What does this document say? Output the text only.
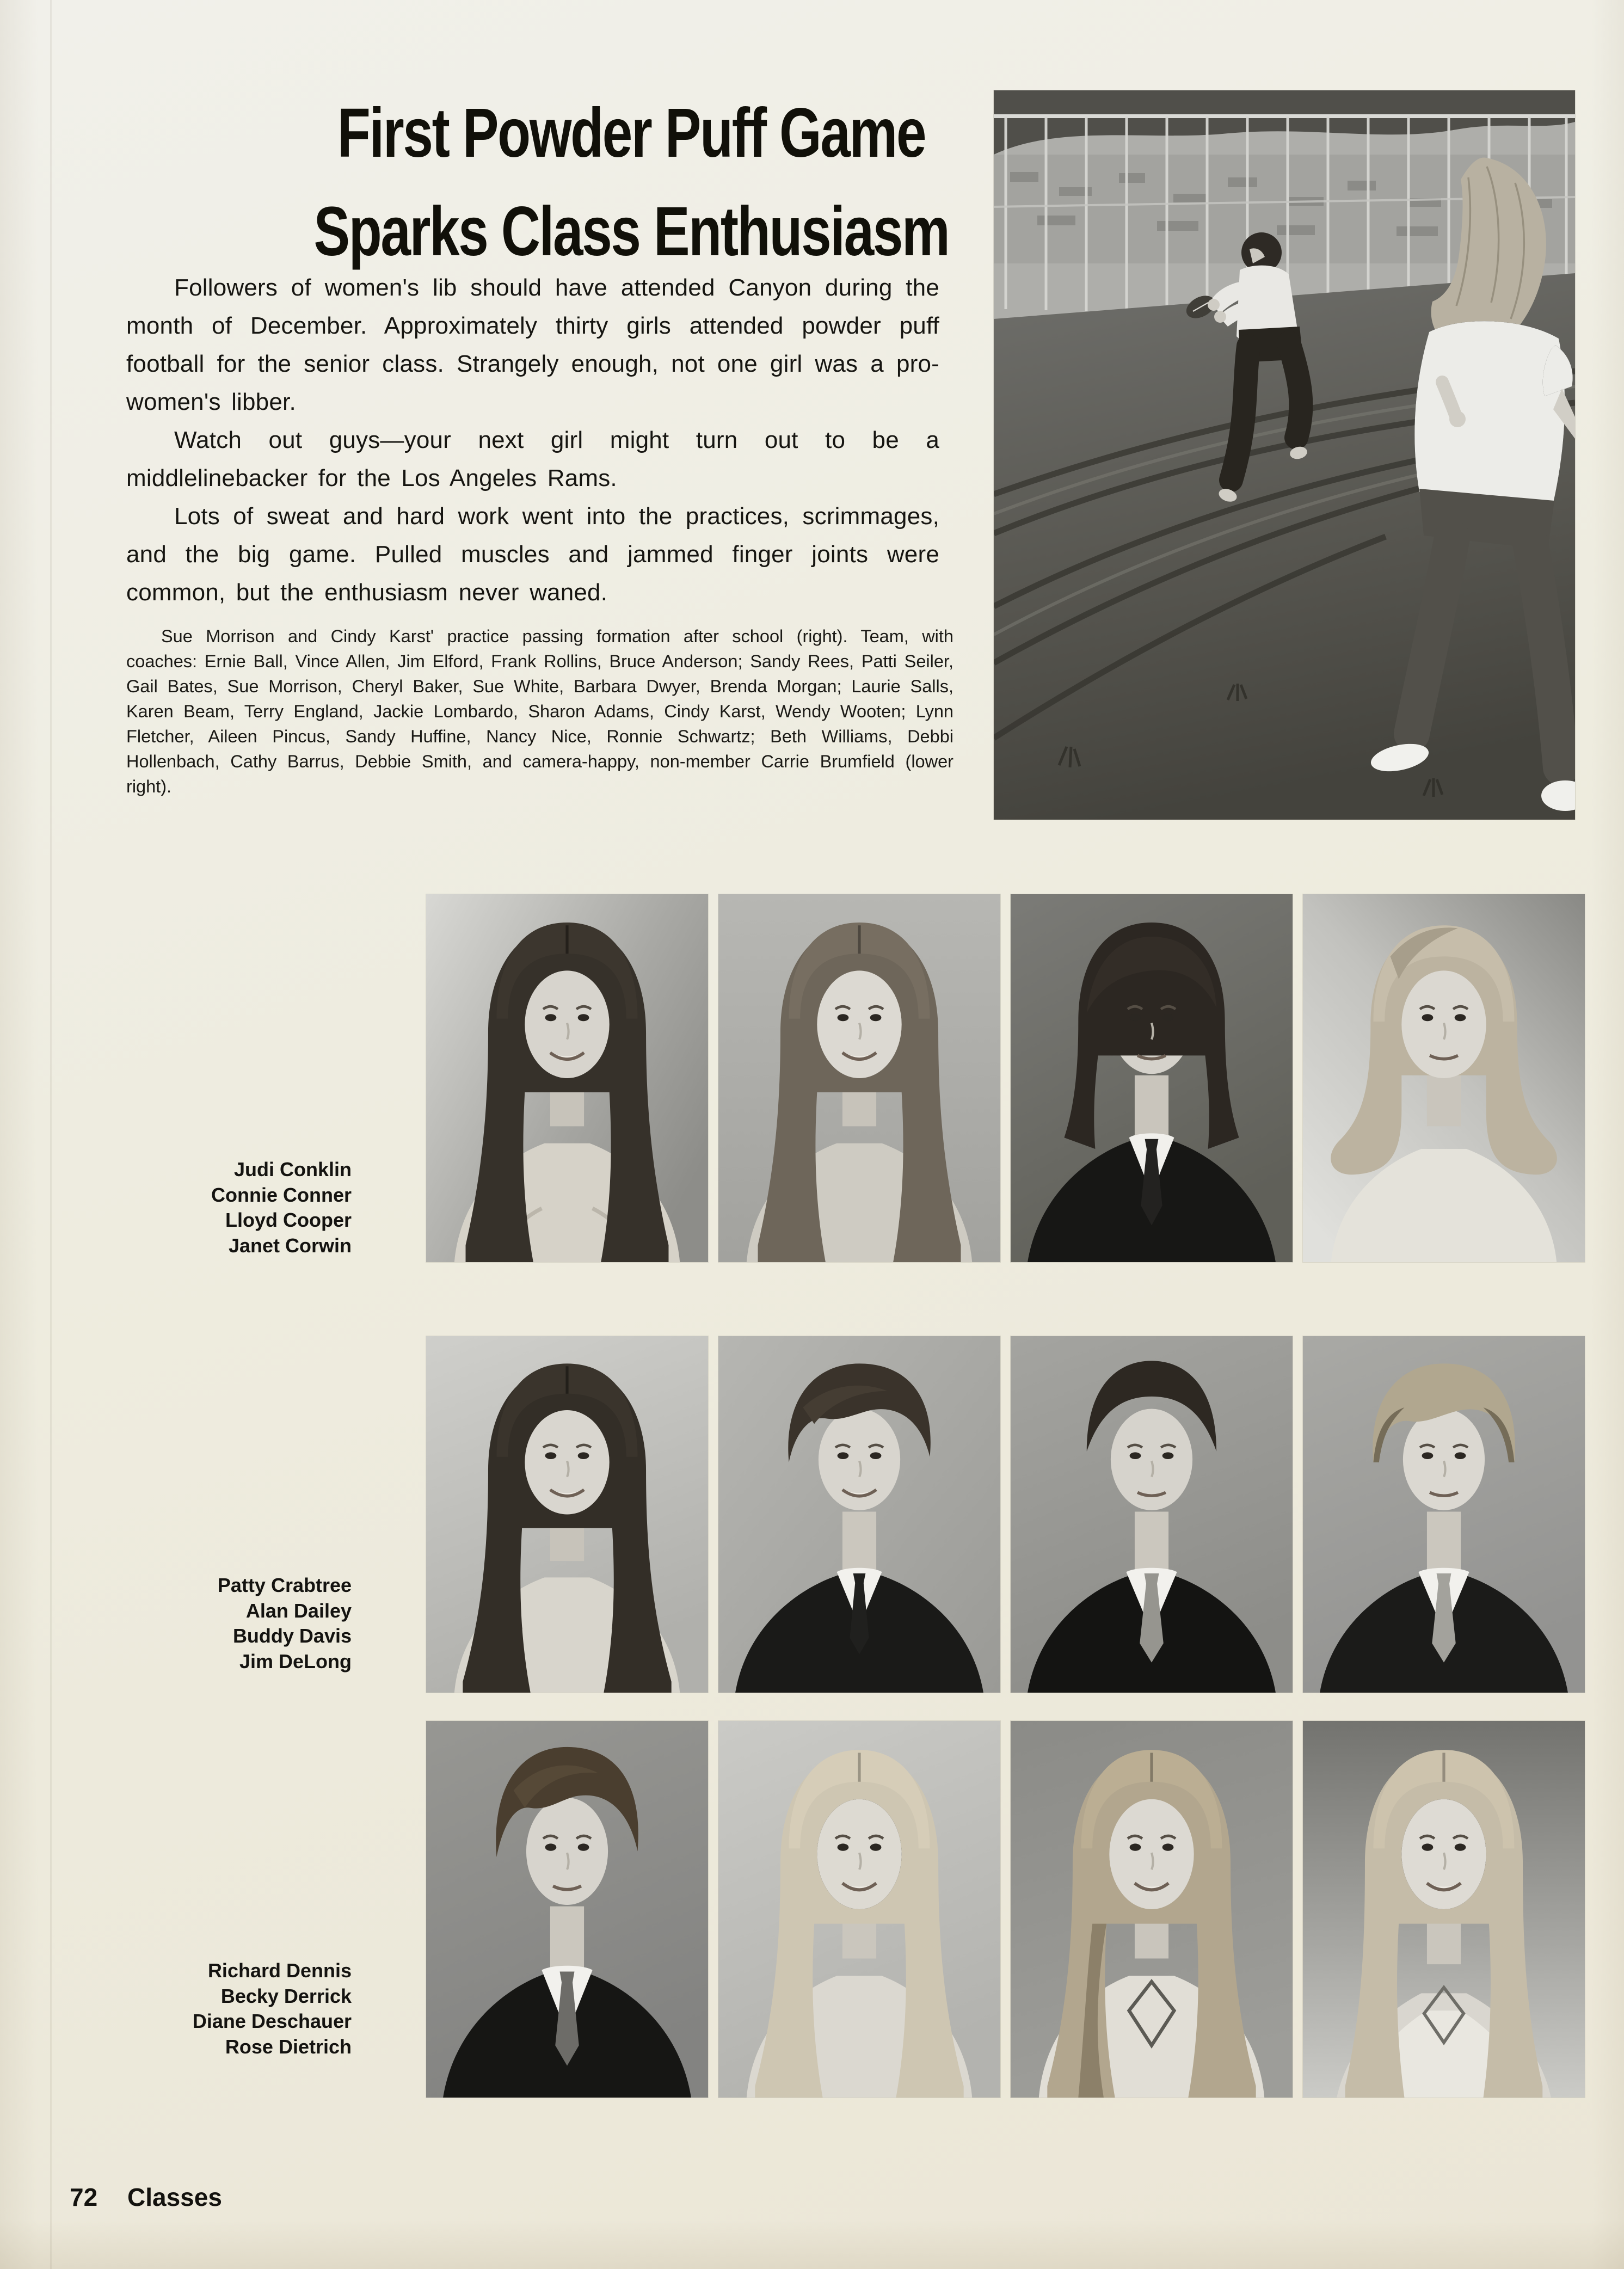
First Powder Puff Game
Sparks Class Enthusiasm

Followers of women's lib should have attended Canyon during the month of December. Approximately thirty girls attended powder puff football for the senior class. Strangely enough, not one girl was a pro-women's libber.

Watch out guys—your next girl might turn out to be a middlelinebacker for the Los Angeles Rams.

Lots of sweat and hard work went into the practices, scrimmages, and the big game. Pulled muscles and jammed finger joints were common, but the enthusiasm never waned.

Sue Morrison and Cindy Karst' practice passing formation after school (right). Team, with coaches: Ernie Ball, Vince Allen, Jim Elford, Frank Rollins, Bruce Anderson; Sandy Rees, Patti Seiler, Gail Bates, Sue Morrison, Cheryl Baker, Sue White, Barbara Dwyer, Brenda Morgan; Laurie Salls, Karen Beam, Terry England, Jackie Lombardo, Sharon Adams, Cindy Karst, Wendy Wooten; Lynn Fletcher, Aileen Pincus, Sandy Huffine, Nancy Nice, Ronnie Schwartz; Beth Williams, Debbi Hollenbach, Cathy Barrus, Debbie Smith, and camera-happy, non-member Carrie Brumfield (lower right).

Judi Conklin
Connie Conner
Lloyd Cooper
Janet Corwin
Patty Crabtree
Alan Dailey
Buddy Davis
Jim DeLong
Richard Dennis
Becky Derrick
Diane Deschauer
Rose Dietrich
72 Classes
